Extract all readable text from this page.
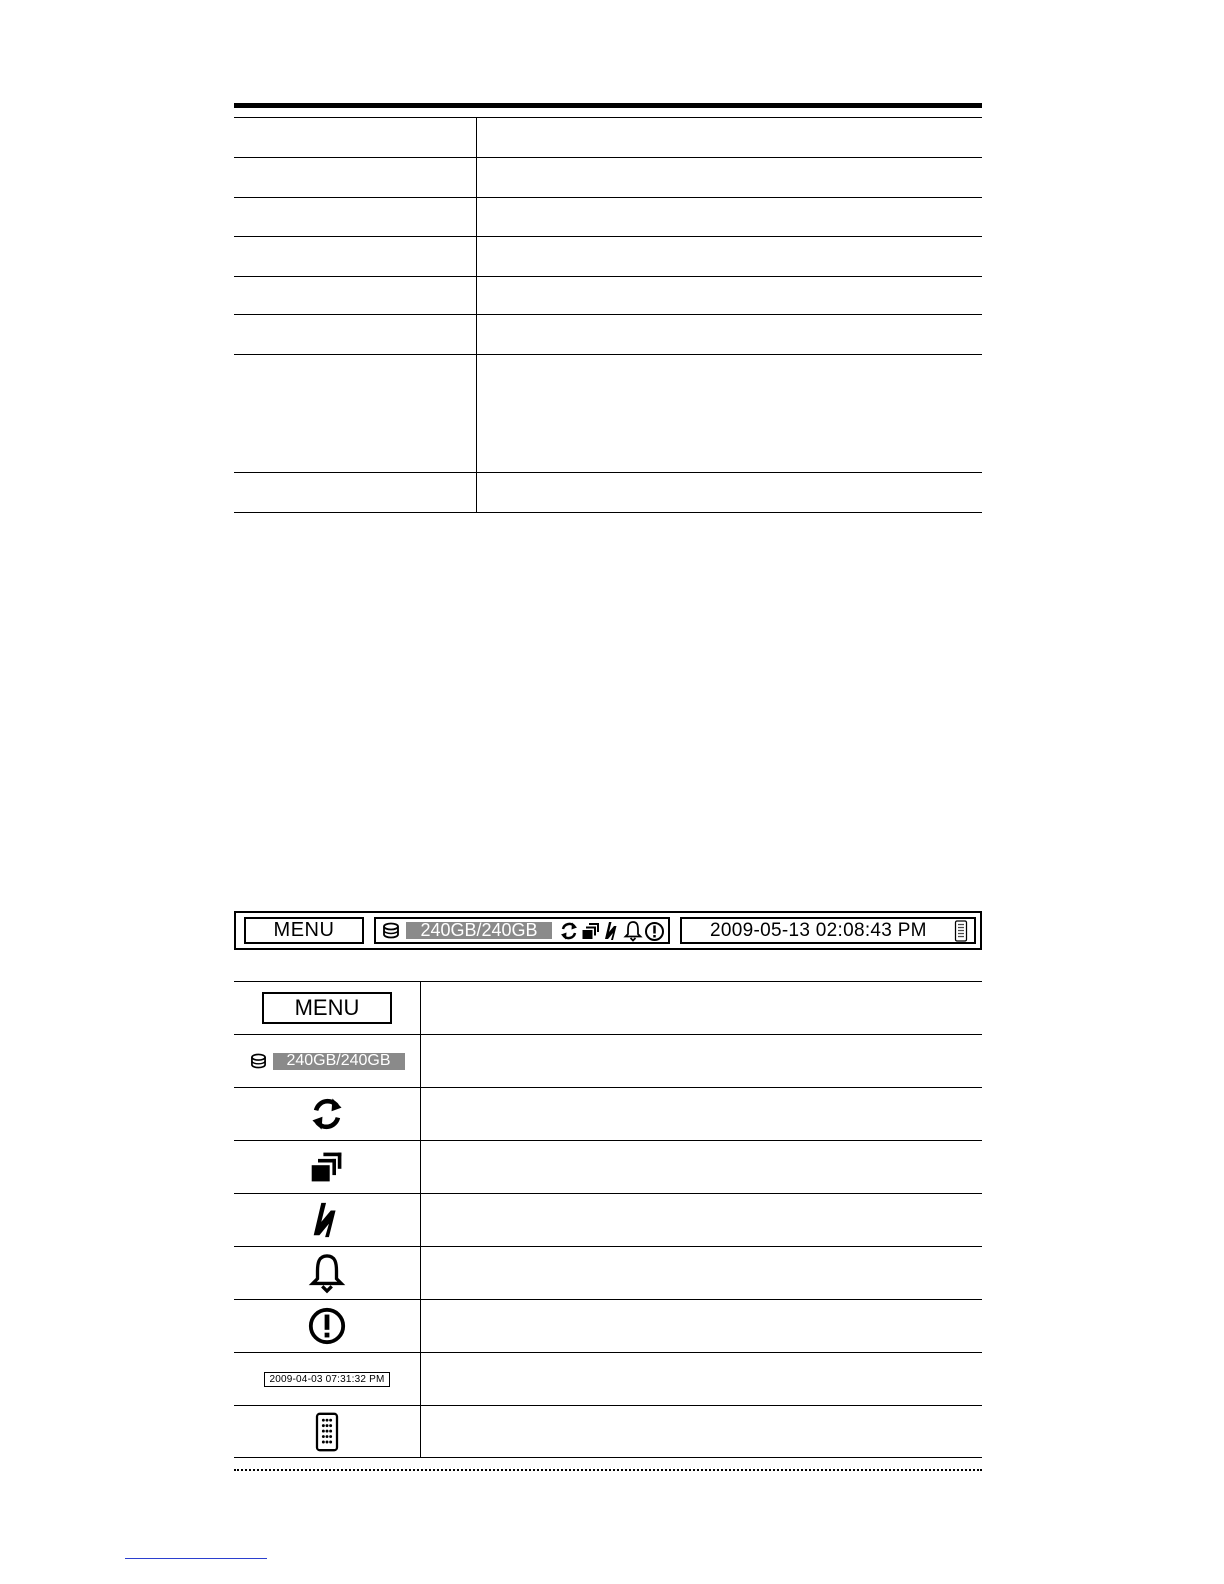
MENU	240GB/240GB	2009-05-13 02:08:43 PM
MENU
240GB/240GB
2009-04-03 07:31:32 PM
